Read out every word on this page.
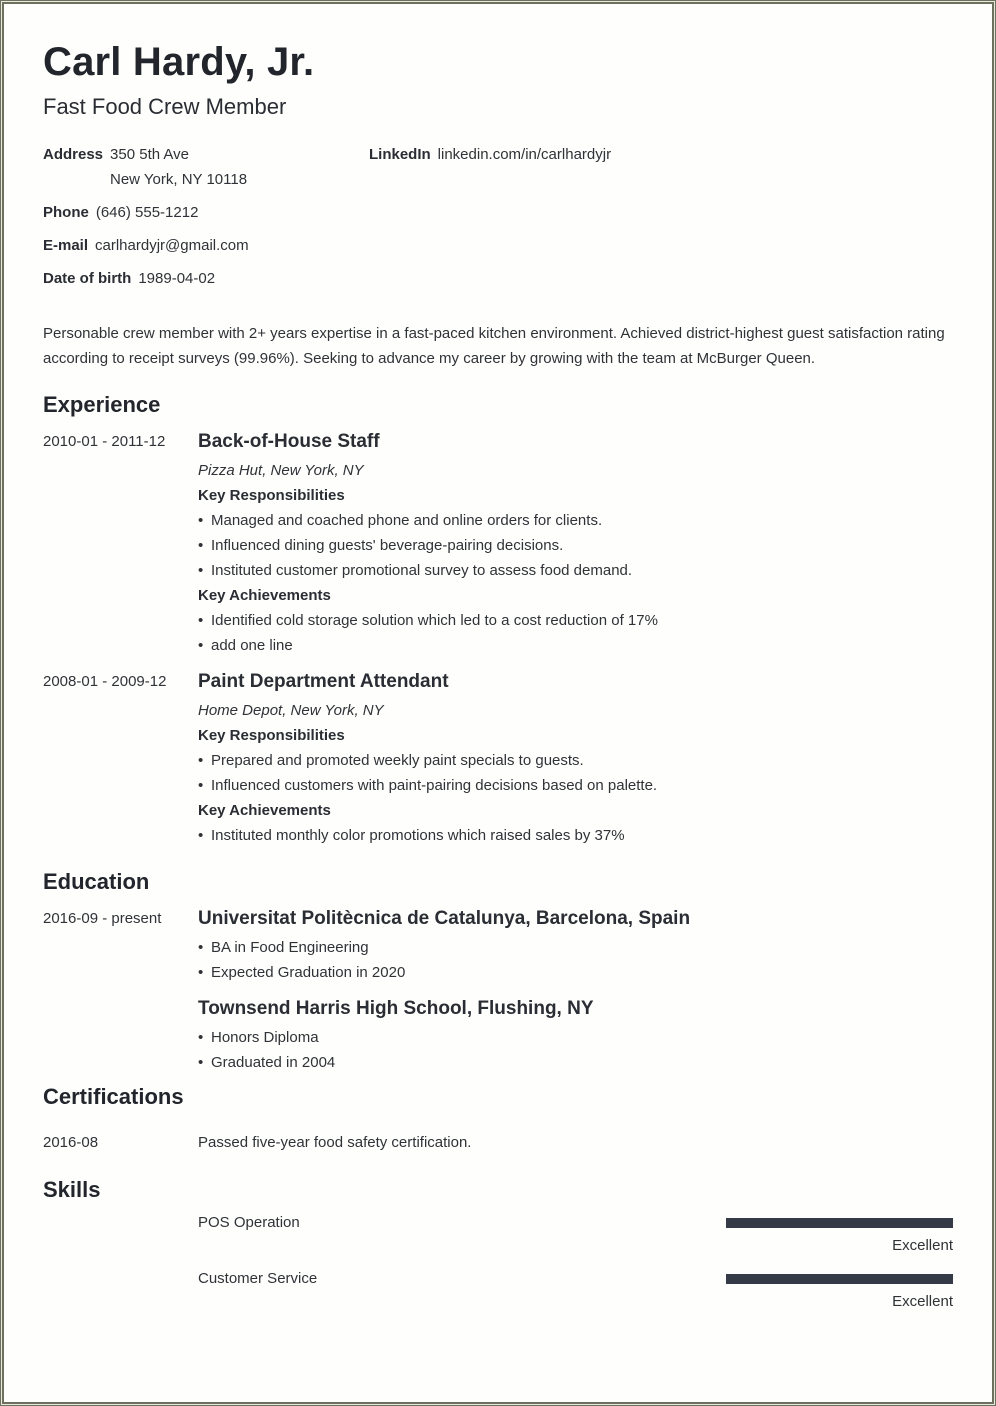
Carl Hardy, Jr.
Fast Food Crew Member
Address 350 5th Ave
New York, NY 10118
LinkedIn linkedin.com/in/carlhardyjr
Phone (646) 555-1212
E-mail carlhardyjr@gmail.com
Date of birth 1989-04-02
Personable crew member with 2+ years expertise in a fast-paced kitchen environment. Achieved district-highest guest satisfaction rating according to receipt surveys (99.96%). Seeking to advance my career by growing with the team at McBurger Queen.
Experience
2010-01 - 2011-12 Back-of-House Staff
Pizza Hut, New York, NY
Key Responsibilities
• Managed and coached phone and online orders for clients.
• Influenced dining guests' beverage-pairing decisions.
• Instituted customer promotional survey to assess food demand.
Key Achievements
• Identified cold storage solution which led to a cost reduction of 17%
• add one line
2008-01 - 2009-12 Paint Department Attendant
Home Depot, New York, NY
Key Responsibilities
• Prepared and promoted weekly paint specials to guests.
• Influenced customers with paint-pairing decisions based on palette.
Key Achievements
• Instituted monthly color promotions which raised sales by 37%
Education
2016-09 - present Universitat Politècnica de Catalunya, Barcelona, Spain
• BA in Food Engineering
• Expected Graduation in 2020
Townsend Harris High School, Flushing, NY
• Honors Diploma
• Graduated in 2004
Certifications
2016-08	Passed five-year food safety certification.
Skills
POS Operation
Excellent
Customer Service
Excellent
